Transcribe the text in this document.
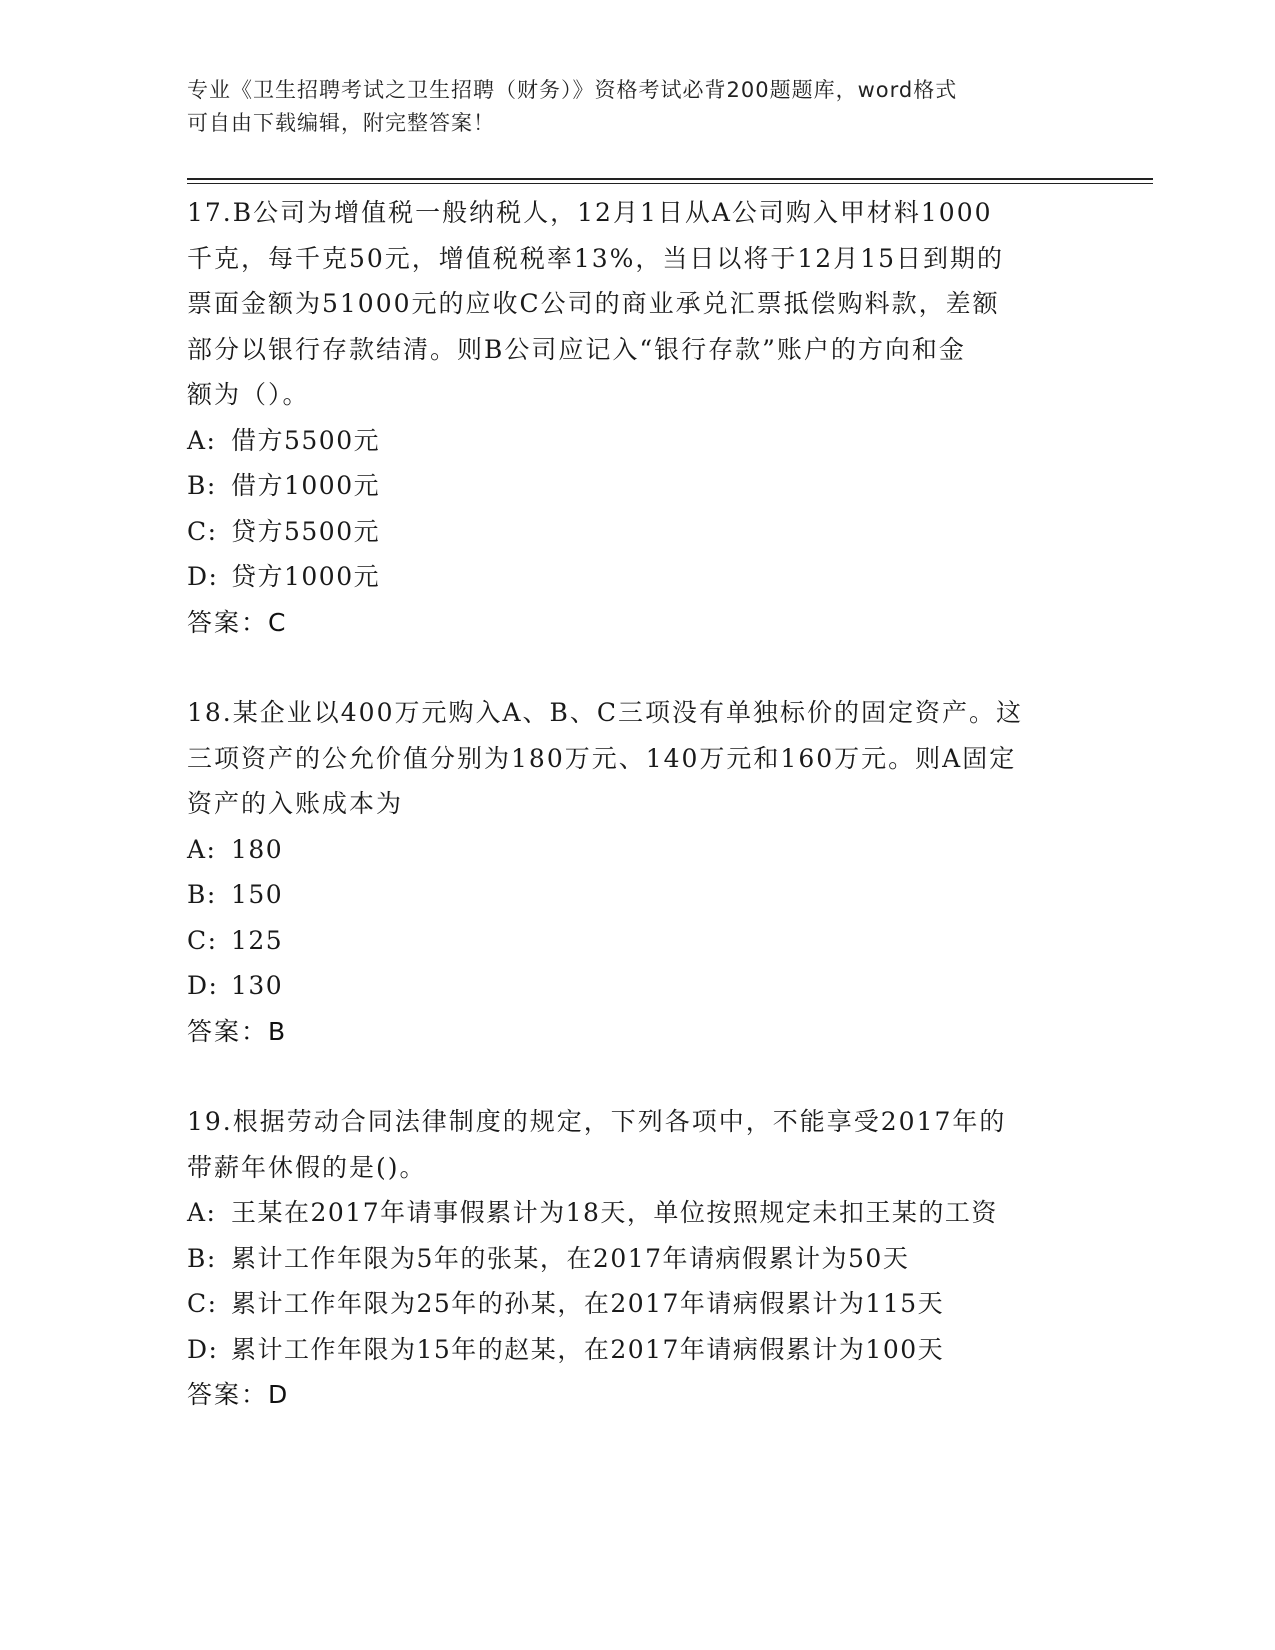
专业《卫生招聘考试之卫生招聘（财务）》资格考试必背200题题库，word格式
可自由下载编辑，附完整答案！

17.B公司为增值税一般纳税人，12月1日从A公司购入甲材料1000
千克，每千克50元，增值税税率13%，当日以将于12月15日到期的
票面金额为51000元的应收C公司的商业承兑汇票抵偿购料款，差额
部分以银行存款结清。则B公司应记入“银行存款”账户的方向和金
额为（）。

A: 借方5500元

B: 借方1000元

C: 贷方5500元

D: 贷方1000元

答案：C

18.某企业以400万元购入A、B、C三项没有单独标价的固定资产。这
三项资产的公允价值分别为180万元、140万元和160万元。则A固定
资产的入账成本为

A: 180

B: 150

C: 125

D: 130

答案：B

19.根据劳动合同法律制度的规定，下列各项中，不能享受2017年的
带薪年休假的是()。

A: 王某在2017年请事假累计为18天，单位按照规定未扣王某的工资

B: 累计工作年限为5年的张某，在2017年请病假累计为50天

C: 累计工作年限为25年的孙某，在2017年请病假累计为115天

D: 累计工作年限为15年的赵某，在2017年请病假累计为100天

答案：D
